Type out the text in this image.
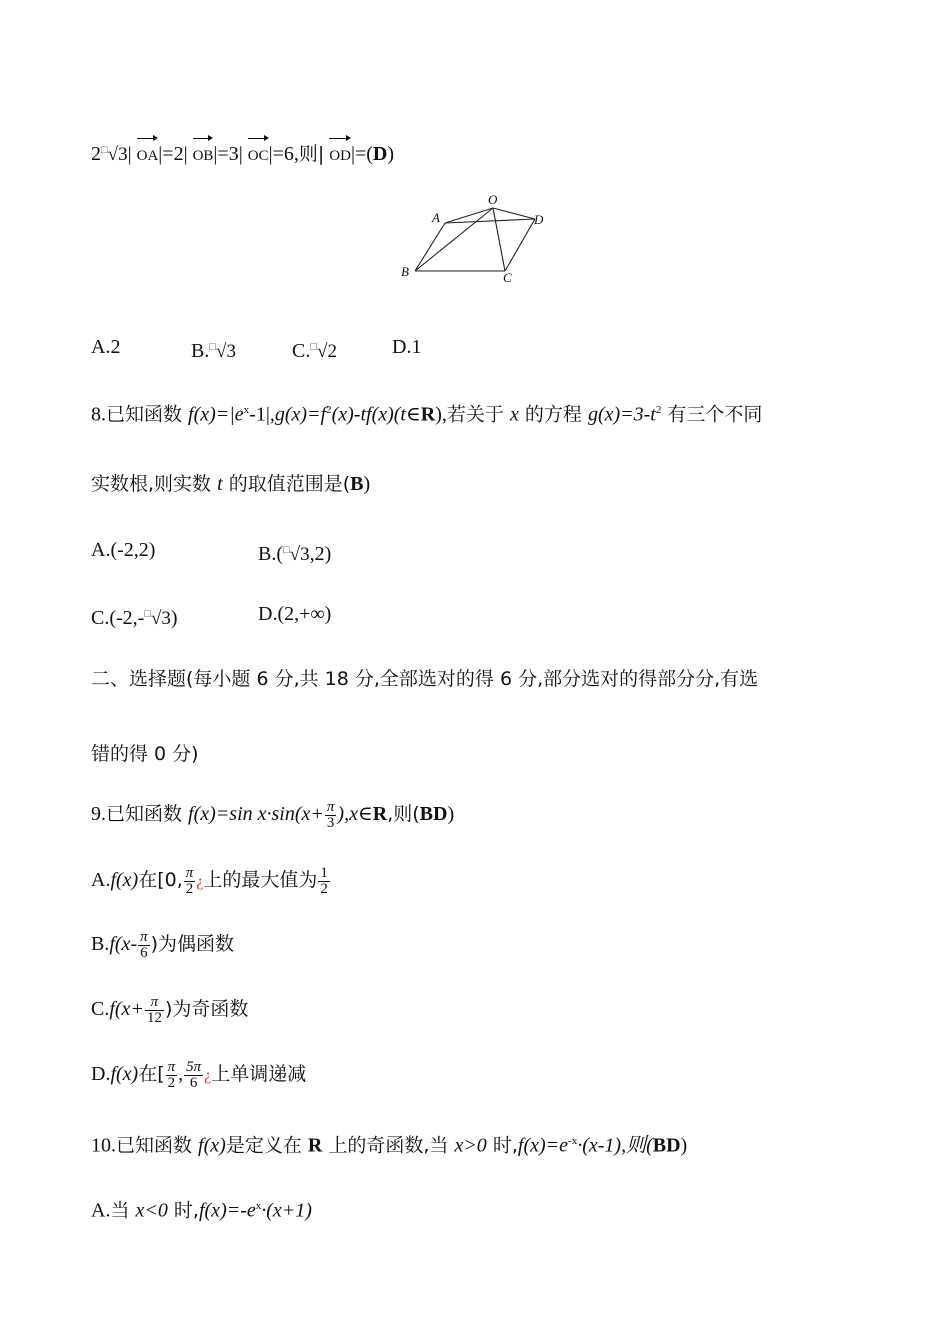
2□√3| OA|=2| OB|=3| OC|=6,则| OD|=(D)
O
A
B	C
D
A.2	B.□√3	C.□√2	D.1
8.已知函数 $f(x)=|e^x-1|,g(x)=f^2(x)-tf(x)(t\in R)$,若关于 x 的方程 $g(x)=3-t^2$ 有三个不同
实数根,则实数 t 的取值范围是(B)
A.(-2,2)	B.(□√3,2)
C.(-2,-□√3)	D.(2,+∞)
二、选择题(每小题 6 分,共 18 分,全部选对的得 6 分,部分选对的得部分分,有选
错的得 0 分)
9.已知函数 f(x)=sin $x\cdot\sin(x+ \frac{\pi}{3}$ ),x∈R,则(BD)
A.f(x)在[0, $\frac{\pi}{2}$ ¿上的最大值为 $\frac{1}{2}$
$B.f(x- \frac{\pi}{6}$ )为偶函数
$C.f(x+ \frac{\pi}{12}$ )为奇函数
D.f(x)在[ $\frac{\pi}{2}$ , $\frac{5\pi}{6}$ ¿上单调递减
10.已知函数 f(x)是定义在 R 上的奇函数,当 x>0 时$,f(x)=e^{-x}\cdot(x-1)$,则(BD)
A.当 x<0 时$,f(x)=-e^x\cdot(x+1)$
